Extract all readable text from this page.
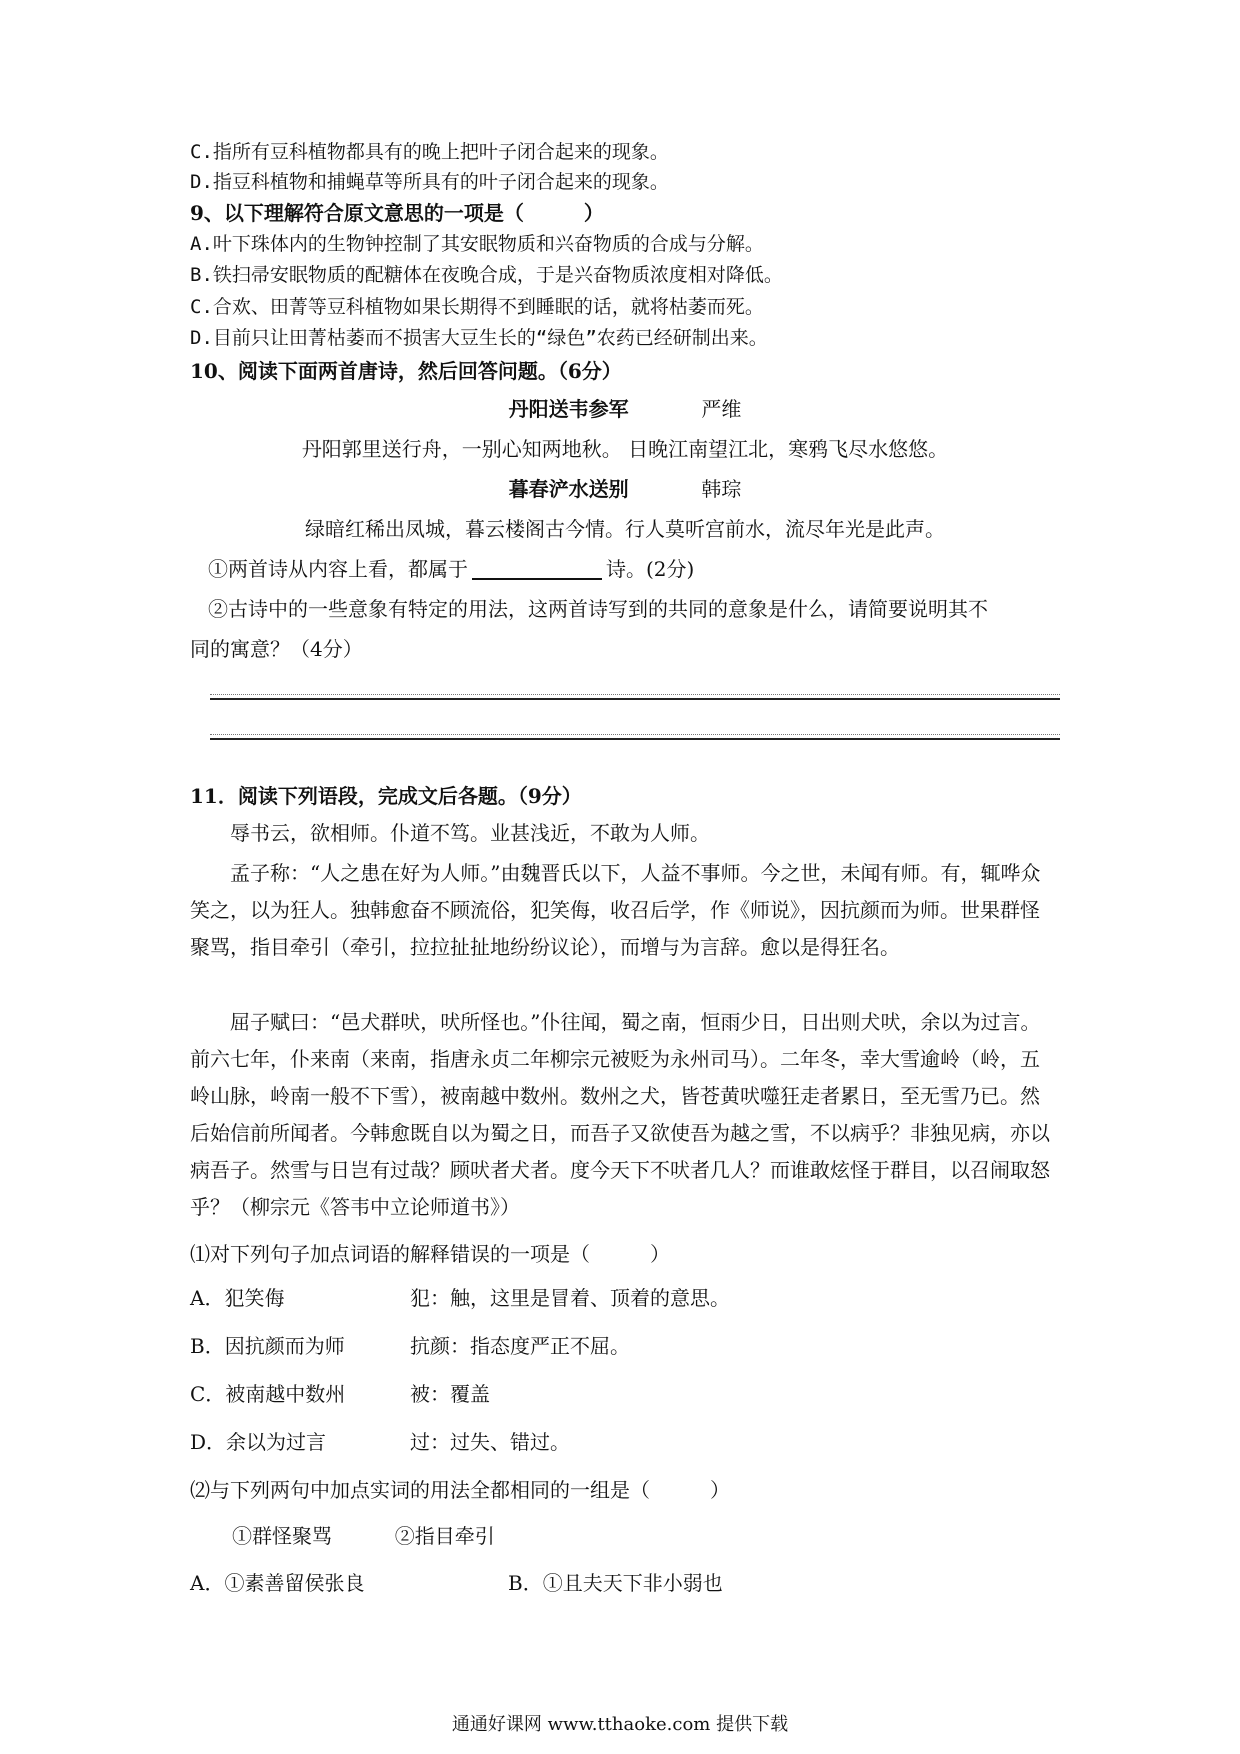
C.指所有豆科植物都具有的晚上把叶子闭合起来的现象。
D.指豆科植物和捕蝇草等所具有的叶子闭合起来的现象。
9、以下理解符合原文意思的一项是（　　　）
A.叶下珠体内的生物钟控制了其安眠物质和兴奋物质的合成与分解。
B.铁扫帚安眠物质的配糖体在夜晚合成，于是兴奋物质浓度相对降低。
C.合欢、田菁等豆科植物如果长期得不到睡眠的话，就将枯萎而死。
D.目前只让田菁枯萎而不损害大豆生长的“绿色”农药已经研制出来。
10、阅读下面两首唐诗，然后回答问题。（6分）
丹阳送韦参军	严维
丹阳郭里送行舟，一别心知两地秋。 日晚江南望江北，寒鸦飞尽水悠悠。
暮春浐水送别	韩琮
绿暗红稀出凤城，暮云楼阁古今情。行人莫听宫前水，流尽年光是此声。
①两首诗从内容上看，都属于	诗。(2分)
②古诗中的一些意象有特定的用法，这两首诗写到的共同的意象是什么，请简要说明其不
同的寓意？（4分）
11．阅读下列语段，完成文后各题。（9分）
辱书云，欲相师。仆道不笃。业甚浅近，不敢为人师。
孟子称：“人之患在好为人师。”由魏晋氏以下，人益不事师。今之世，未闻有师。有，辄哗众笑之，以为狂人。独韩愈奋不顾流俗，犯笑侮，收召后学，作《师说》，因抗颜而为师。世果群怪聚骂，指目牵引（牵引，拉拉扯扯地纷纷议论），而增与为言辞。愈以是得狂名。
屈子赋曰：“邑犬群吠，吠所怪也。”仆往闻，蜀之南，恒雨少日，日出则犬吠，余以为过言。前六七年，仆来南（来南，指唐永贞二年柳宗元被贬为永州司马）。二年冬，幸大雪逾岭（岭，五岭山脉，岭南一般不下雪），被南越中数州。数州之犬，皆苍黄吠噬狂走者累日，至无雪乃已。然后始信前所闻者。今韩愈既自以为蜀之日，而吾子又欲使吾为越之雪，不以病乎？非独见病，亦以病吾子。然雪与日岂有过哉？顾吠者犬者。度今天下不吠者几人？而谁敢炫怪于群目，以召闹取怒乎？（柳宗元《答韦中立论师道书》）
⑴对下列句子加点词语的解释错误的一项是（　　　）
A．犯笑侮	犯：触，这里是冒着、顶着的意思。
B．因抗颜而为师	抗颜：指态度严正不屈。
C．被南越中数州	被：覆盖
D．余以为过言	过：过失、错过。
⑵与下列两句中加点实词的用法全都相同的一组是（　　　）
①群怪聚骂	②指目牵引
A．①素善留侯张良	B．①且夫天下非小弱也
通通好课网 www.tthaoke.com 提供下载
